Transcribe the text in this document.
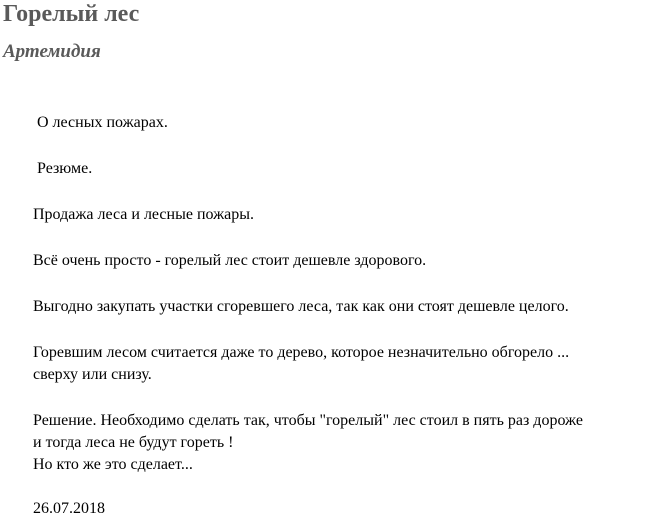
Горелый лес
Артемидия

О лесных пожарах.

Резюме.

Продажа леса и лесные пожары.

Всё очень просто - горелый лес стоит дешевле здорового.

Выгодно закупать участки сгоревшего леса, так как они стоят дешевле целого.

Горевшим лесом считается даже то дерево, которое незначительно обгорело ...

сверху или снизу.

Решение. Необходимо сделать так, чтобы "горелый" лес стоил в пять раз дороже

и тогда леса не будут гореть !

Но кто же это сделает...

26.07.2018
